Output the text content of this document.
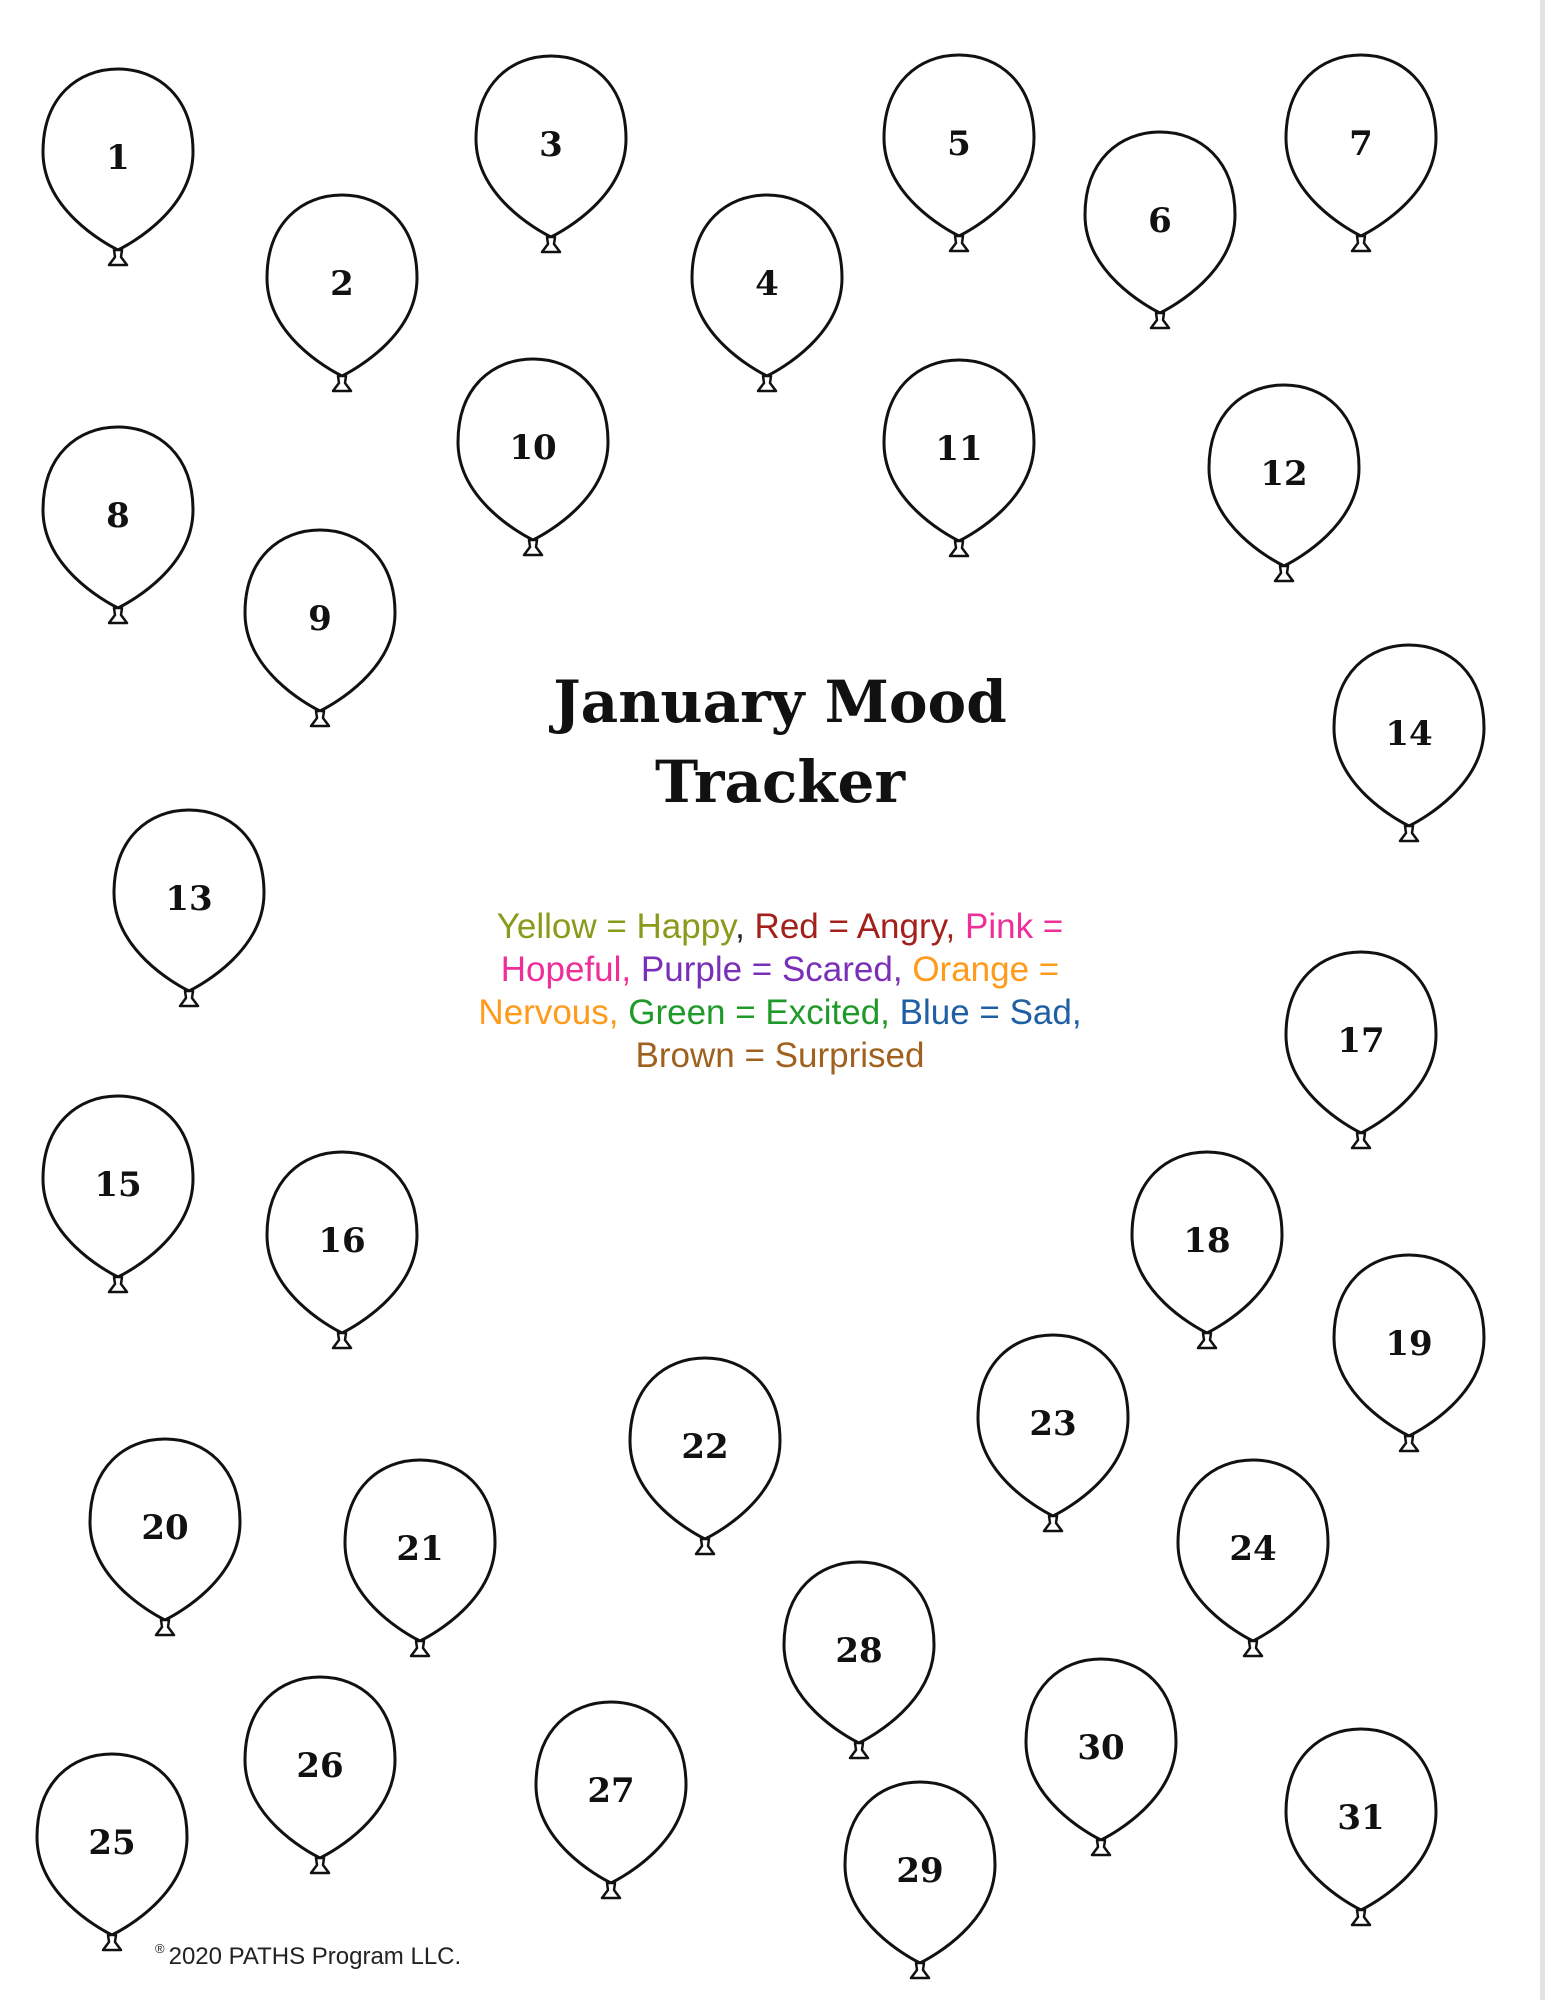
1
2
3
4
5
6
7
8
9
10	11
12
13
14
15
16
17
18
19
20
21
22
23
24
25
26
27
28
29
30
31
January Mood
Tracker
Yellow = Happy, Red = Angry, Pink = Hopeful, Purple = Scared, Orange = Nervous, Green = Excited, Blue = Sad, Brown = Surprised
® 2020 PATHS Program LLC.
